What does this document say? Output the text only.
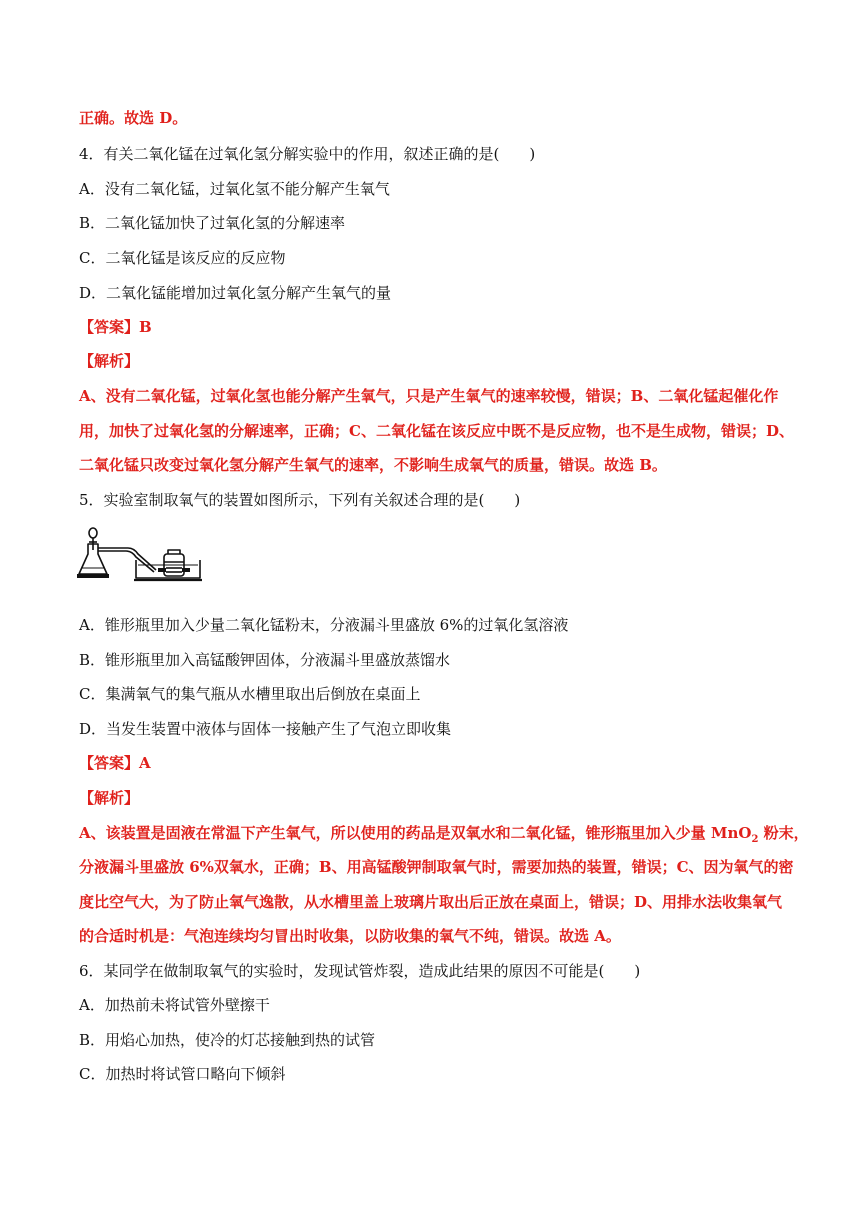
正确。故选 D。
4．有关二氧化锰在过氧化氢分解实验中的作用，叙述正确的是(　　)
A．没有二氧化锰，过氧化氢不能分解产生氧气
B．二氧化锰加快了过氧化氢的分解速率
C．二氧化锰是该反应的反应物
D．二氧化锰能增加过氧化氢分解产生氧气的量
【答案】B
【解析】
A、没有二氧化锰，过氧化氢也能分解产生氧气，只是产生氧气的速率较慢，错误；B、二氧化锰起催化作
用，加快了过氧化氢的分解速率，正确；C、二氧化锰在该反应中既不是反应物，也不是生成物，错误；D、
二氧化锰只改变过氧化氢分解产生氧气的速率，不影响生成氧气的质量，错误。故选 B。
5．实验室制取氧气的装置如图所示，下列有关叙述合理的是(　　)
A．锥形瓶里加入少量二氧化锰粉末，分液漏斗里盛放 6%的过氧化氢溶液
B．锥形瓶里加入高锰酸钾固体，分液漏斗里盛放蒸馏水
C．集满氧气的集气瓶从水槽里取出后倒放在桌面上
D．当发生装置中液体与固体一接触产生了气泡立即收集
【答案】A
【解析】
A、该装置是固液在常温下产生氧气，所以使用的药品是双氧水和二氧化锰，锥形瓶里加入少量 MnO$_2$ 粉末，
分液漏斗里盛放 6%双氧水，正确；B、用高锰酸钾制取氧气时，需要加热的装置，错误；C、因为氧气的密
度比空气大，为了防止氧气逸散，从水槽里盖上玻璃片取出后正放在桌面上，错误；D、用排水法收集氧气
的合适时机是：气泡连续均匀冒出时收集，以防收集的氧气不纯，错误。故选 A。
6．某同学在做制取氧气的实验时，发现试管炸裂，造成此结果的原因不可能是(　　)
A．加热前未将试管外壁擦干
B．用焰心加热，使冷的灯芯接触到热的试管
C．加热时将试管口略向下倾斜
